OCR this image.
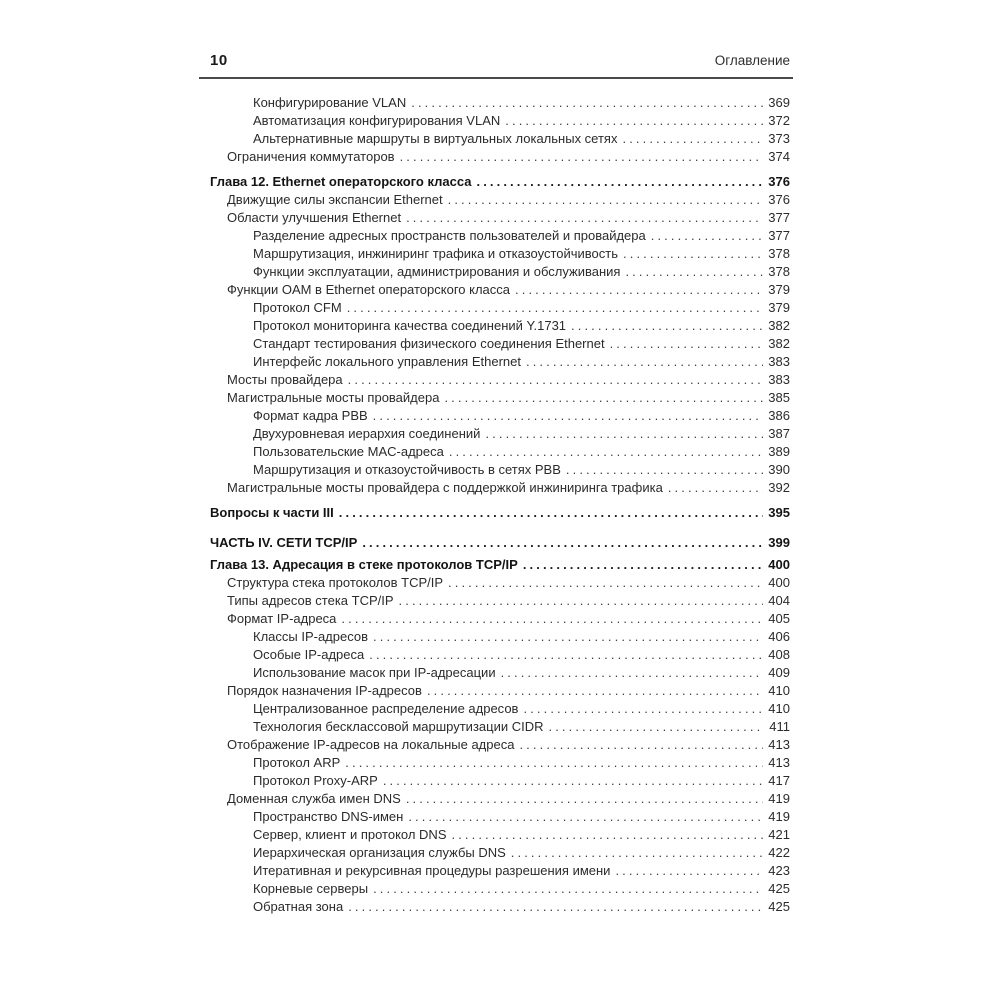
10	Оглавление
Конфигурирование VLAN .....	369
Автоматизация конфигурирования VLAN .....	372
Альтернативные маршруты в виртуальных локальных сетях .....	373
Ограничения коммутаторов .....	374
Глава 12. Ethernet операторского класса .....	376
Движущие силы экспансии Ethernet .....	376
Области улучшения Ethernet .....	377
Разделение адресных пространств пользователей и провайдера .....	377
Маршрутизация, инжиниринг трафика и отказоустойчивость .....	378
Функции эксплуатации, администрирования и обслуживания .....	378
Функции OAM в Ethernet операторского класса .....	379
Протокол CFM .....	379
Протокол мониторинга качества соединений Y.1731 .....	382
Стандарт тестирования физического соединения Ethernet .....	382
Интерфейс локального управления Ethernet .....	383
Мосты провайдера .....	383
Магистральные мосты провайдера .....	385
Формат кадра PBB .....	386
Двухуровневая иерархия соединений .....	387
Пользовательские MAC-адреса .....	389
Маршрутизация и отказоустойчивость в сетях PBB .....	390
Магистральные мосты провайдера с поддержкой инжиниринга трафика .....	392
Вопросы к части III .....	395
ЧАСТЬ IV. СЕТИ TCP/IP .....	399
Глава 13. Адресация в стеке протоколов TCP/IP .....	400
Структура стека протоколов TCP/IP .....	400
Типы адресов стека TCP/IP .....	404
Формат IP-адреса .....	405
Классы IP-адресов .....	406
Особые IP-адреса .....	408
Использование масок при IP-адресации .....	409
Порядок назначения IP-адресов .....	410
Централизованное распределение адресов .....	410
Технология бесклассовой маршрутизации CIDR .....	411
Отображение IP-адресов на локальные адреса .....	413
Протокол ARP .....	413
Протокол Proxy-ARP .....	417
Доменная служба имен DNS .....	419
Пространство DNS-имен .....	419
Сервер, клиент и протокол DNS .....	421
Иерархическая организация службы DNS .....	422
Итеративная и рекурсивная процедуры разрешения имени .....	423
Корневые серверы .....	425
Обратная зона .....	425
